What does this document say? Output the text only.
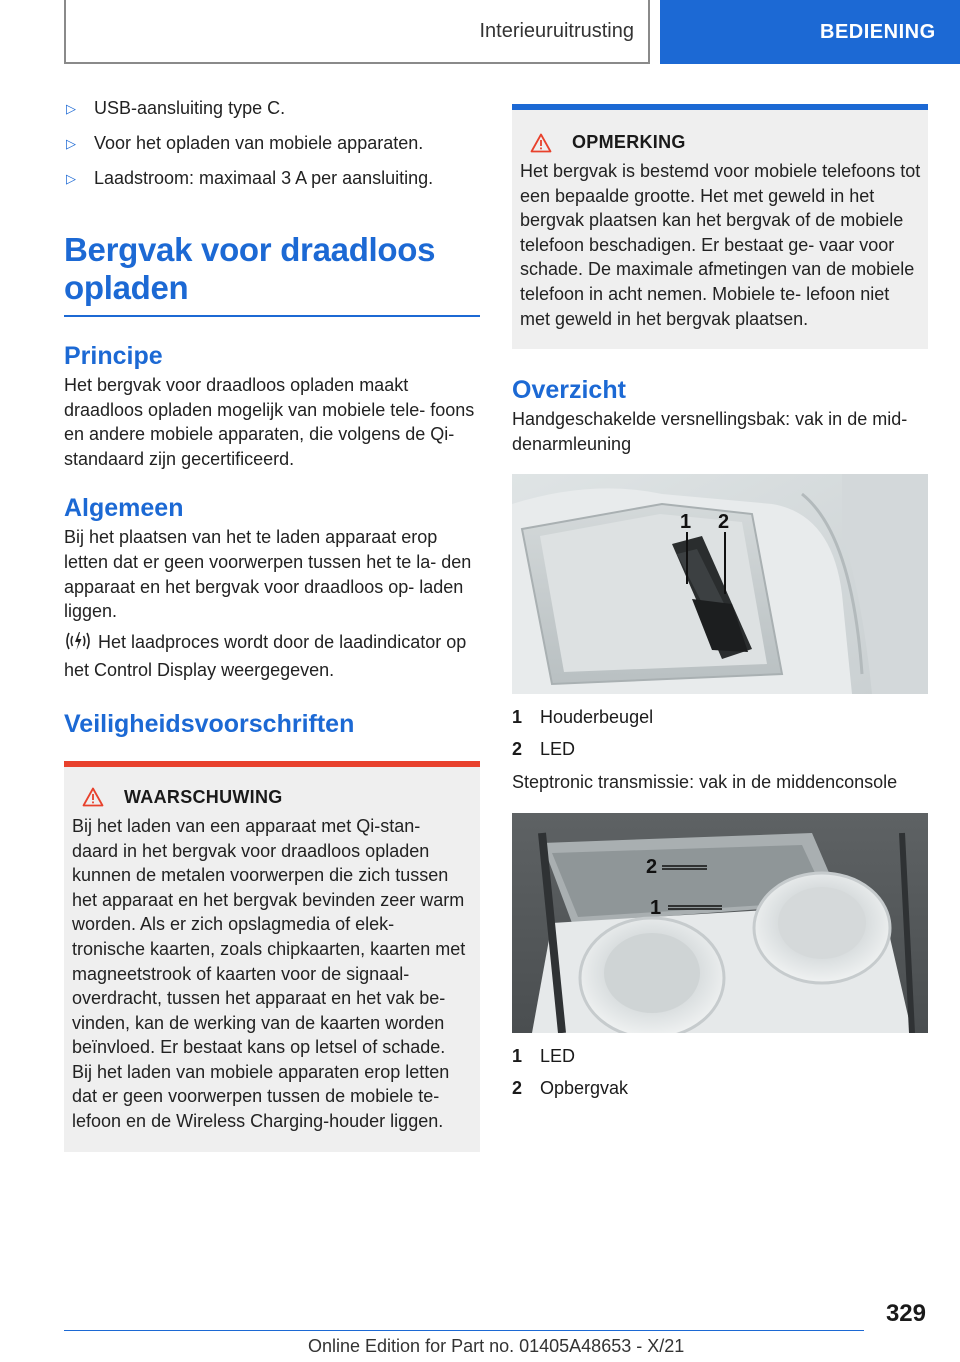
Interieuruitrusting	BEDIENING
▷	USB-aansluiting type C.
▷	Voor het opladen van mobiele apparaten.
▷	Laadstroom: maximaal 3 A per aansluiting.
Bergvak voor draadloos
opladen
Principe

Het bergvak voor draadloos opladen maakt draadloos opladen mogelijk van mobiele tele‐ foons en andere mobiele apparaten, die volgens de Qi-standaard zijn gecertificeerd.

Algemeen

Bij het plaatsen van het te laden apparaat erop letten dat er geen voorwerpen tussen het te la‐ den apparaat en het bergvak voor draadloos op‐ laden liggen.

Het laadproces wordt door de laadindicator op het Control Display weergegeven.

Veiligheidsvoorschriften
WAARSCHUWING

Bij het laden van een apparaat met Qi-stan‐ daard in het bergvak voor draadloos opladen kunnen de metalen voorwerpen die zich tussen het apparaat en het bergvak bevinden zeer warm worden. Als er zich opslagmedia of elek‐ tronische kaarten, zoals chipkaarten, kaarten met magneetstrook of kaarten voor de signaal‐ overdracht, tussen het apparaat en het vak be‐ vinden, kan de werking van de kaarten worden beïnvloed. Er bestaat kans op letsel of schade. Bij het laden van mobiele apparaten erop letten dat er geen voorwerpen tussen de mobiele te‐ lefoon en de Wireless Charging-houder liggen.

OPMERKING

Het bergvak is bestemd voor mobiele telefoons tot een bepaalde grootte. Het met geweld in het bergvak plaatsen kan het bergvak of de mobiele telefoon beschadigen. Er bestaat ge‐ vaar voor schade. De maximale afmetingen van de mobiele telefoon in acht nemen. Mobiele te‐ lefoon niet met geweld in het bergvak plaatsen.

Overzicht

Handgeschakelde versnellingsbak: vak in de mid‐ denarmleuning

1 2
1 Houderbeugel
2 LED

Steptronic transmissie: vak in de middenconsole

2
1
1 LED
2 Opbergvak
329
Online Edition for Part no. 01405A48653 - X/21
